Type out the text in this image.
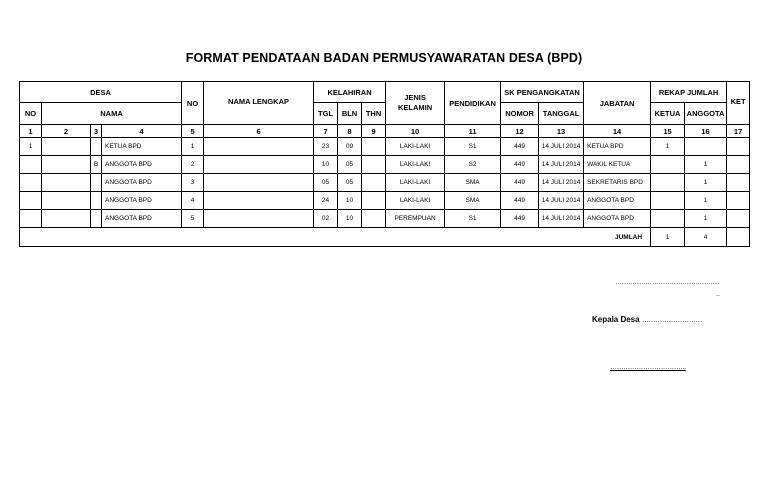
FORMAT PENDATAAN BADAN PERMUSYAWARATAN DESA (BPD)
DESA				NO	NAMA LENGKAP	KELAHIRAN			JENIS
KELAMIN	PENDIDIKAN	SK PENGANGKATAN		JABATAN	REKAP JUMLAH		KET
NO	NAMA					TGL	BLN	THN			NOMOR	TANGGAL		KETUA	ANGGOTA	
1	2	3	4	5	6	7	8	9	10	11	12	13	14	15	16	17
1			KETUA BPD	1		23	09		LAKI-LAKI	S1	449	14 JULI 2014	KETUA BPD	1		
		B	ANGGOTA BPD	2		10	05		LAKI-LAKI	S2	449	14 JULI 2014	WAKIL KETUA		1	
			ANGGOTA BPD	3		05	05		LAKI-LAKI	SMA	449	14 JULI 2014	SEKRETARIS BPD		1	
			ANGGOTA BPD	4		24	10		LAKI-LAKI	SMA	449	14 JULI 2014	ANGGOTA BPD		1	
			ANGGOTA BPD	5		02	10		PEREMPUAN	S1	449	14 JULI 2014	ANGGOTA BPD		1	
JUMLAH														1	4	
…………………………………………
..
Kepala Desa ………………………
……………………………..
